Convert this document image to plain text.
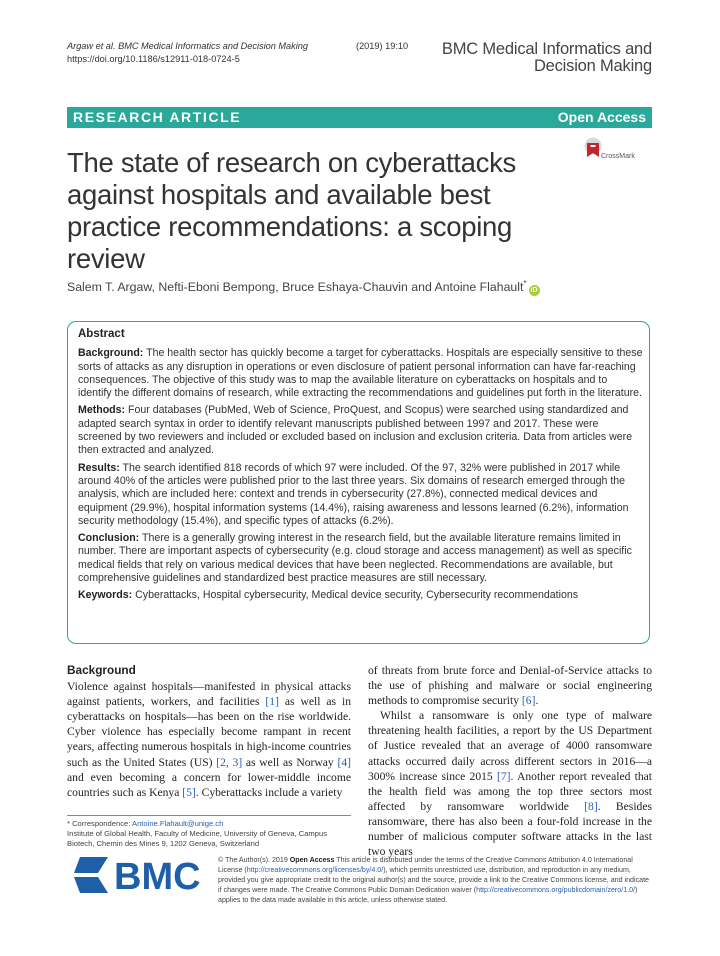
Argaw et al. BMC Medical Informatics and Decision Making	(2019) 19:10
https://doi.org/10.1186/s12911-018-0724-5
BMC Medical Informatics and
Decision Making
RESEARCH ARTICLE	Open Access
The state of research on cyberattacks against hospitals and available best practice recommendations: a scoping review
CrossMark
Salem T. Argaw, Nefti-Eboni Bempong, Bruce Eshaya-Chauvin and Antoine Flahault*iD
Abstract

Background: The health sector has quickly become a target for cyberattacks. Hospitals are especially sensitive to these sorts of attacks as any disruption in operations or even disclosure of patient personal information can have far-reaching consequences. The objective of this study was to map the available literature on cyberattacks on hospitals and to identify the different domains of research, while extracting the recommendations and guidelines put forth in the literature.

Methods: Four databases (PubMed, Web of Science, ProQuest, and Scopus) were searched using standardized and adapted search syntax in order to identify relevant manuscripts published between 1997 and 2017. These were screened by two reviewers and included or excluded based on inclusion and exclusion criteria. Data from articles were then extracted and analyzed.

Results: The search identified 818 records of which 97 were included. Of the 97, 32% were published in 2017 while around 40% of the articles were published prior to the last three years. Six domains of research emerged through the analysis, which are included here: context and trends in cybersecurity (27.8%), connected medical devices and equipment (29.9%), hospital information systems (14.4%), raising awareness and lessons learned (6.2%), information security methodology (15.4%), and specific types of attacks (6.2%).

Conclusion: There is a generally growing interest in the research field, but the available literature remains limited in number. There are important aspects of cybersecurity (e.g. cloud storage and access management) as well as specific medical fields that rely on various medical devices that have been neglected. Recommendations are available, but comprehensive guidelines and standardized best practice measures are still necessary.

Keywords: Cyberattacks, Hospital cybersecurity, Medical device security, Cybersecurity recommendations

Background
Violence against hospitals—manifested in physical attacks against patients, workers, and facilities [1] as well as in cyberattacks on hospitals—has been on the rise worldwide. Cyber violence has especially become rampant in recent years, affecting numerous hospitals in high-income countries such as the United States (US) [2, 3] as well as Norway [4] and even becoming a concern for lower-middle income countries such as Kenya [5]. Cyberattacks include a variety

of threats from brute force and Denial-of-Service attacks to the use of phishing and malware or social engineering methods to compromise security [6].

Whilst a ransomware is only one type of malware threatening health facilities, a report by the US Department of Justice revealed that an average of 4000 ransomware attacks occurred daily across different sectors in 2016—a 300% increase since 2015 [7]. Another report revealed that the health field was among the top three sectors most affected by ransomware worldwide [8]. Besides ransomware, there has also been a four-fold increase in the number of malicious computer software attacks in the last two years

* Correspondence: Antoine.Flahault@unige.ch
Institute of Global Health, Faculty of Medicine, University of Geneva, Campus Biotech, Chemin des Mines 9, 1202 Geneva, Switzerland
BMC © The Author(s). 2019 Open Access This article is distributed under the terms of the Creative Commons Attribution 4.0 International License (http://creativecommons.org/licenses/by/4.0/), which permits unrestricted use, distribution, and reproduction in any medium, provided you give appropriate credit to the original author(s) and the source, provide a link to the Creative Commons license, and indicate if changes were made. The Creative Commons Public Domain Dedication waiver (http://creativecommons.org/publicdomain/zero/1.0/) applies to the data made available in this article, unless otherwise stated.
